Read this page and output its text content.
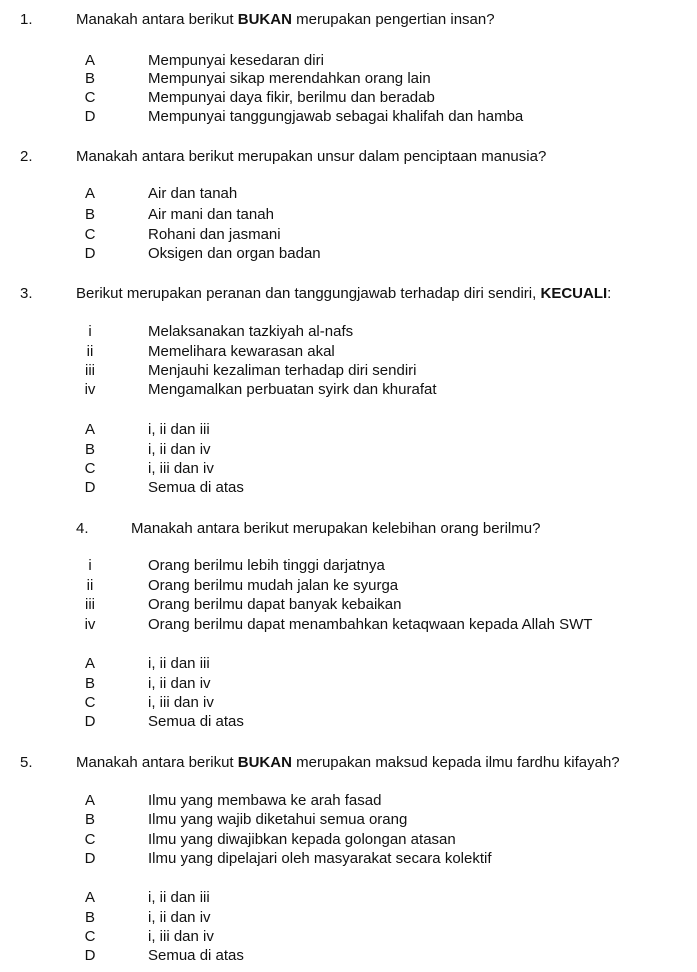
1.	Manakah antara berikut BUKAN merupakan pengertian insan?
A	Mempunyai kesedaran diri
B	Mempunyai sikap merendahkan orang lain
C	Mempunyai daya fikir, berilmu dan beradab
D	Mempunyai tanggungjawab sebagai khalifah dan hamba
2.	Manakah antara berikut merupakan unsur dalam penciptaan manusia?
A	Air dan tanah
B	Air mani dan tanah
C	Rohani dan jasmani
D	Oksigen dan organ badan
3.	Berikut merupakan peranan dan tanggungjawab terhadap diri sendiri, KECUALI:
i	Melaksanakan tazkiyah al-nafs
ii	Memelihara kewarasan akal
iii	Menjauhi kezaliman terhadap diri sendiri
iv	Mengamalkan perbuatan syirk dan khurafat
A	i, ii dan iii
B	i, ii dan iv
C	i, iii dan iv
D	Semua di atas
4.	Manakah antara berikut merupakan kelebihan orang berilmu?
i	Orang berilmu lebih tinggi darjatnya
ii	Orang berilmu mudah jalan ke syurga
iii	Orang berilmu dapat banyak kebaikan
iv	Orang berilmu dapat menambahkan ketaqwaan kepada Allah SWT
A	i, ii dan iii
B	i, ii dan iv
C	i, iii dan iv
D	Semua di atas
5.	Manakah antara berikut BUKAN merupakan maksud kepada ilmu fardhu kifayah?
A	Ilmu yang membawa ke arah fasad
B	Ilmu yang wajib diketahui semua orang
C	Ilmu yang diwajibkan kepada golongan atasan
D	Ilmu yang dipelajari oleh masyarakat secara kolektif
A	i, ii dan iii
B	i, ii dan iv
C	i, iii dan iv
D	Semua di atas
